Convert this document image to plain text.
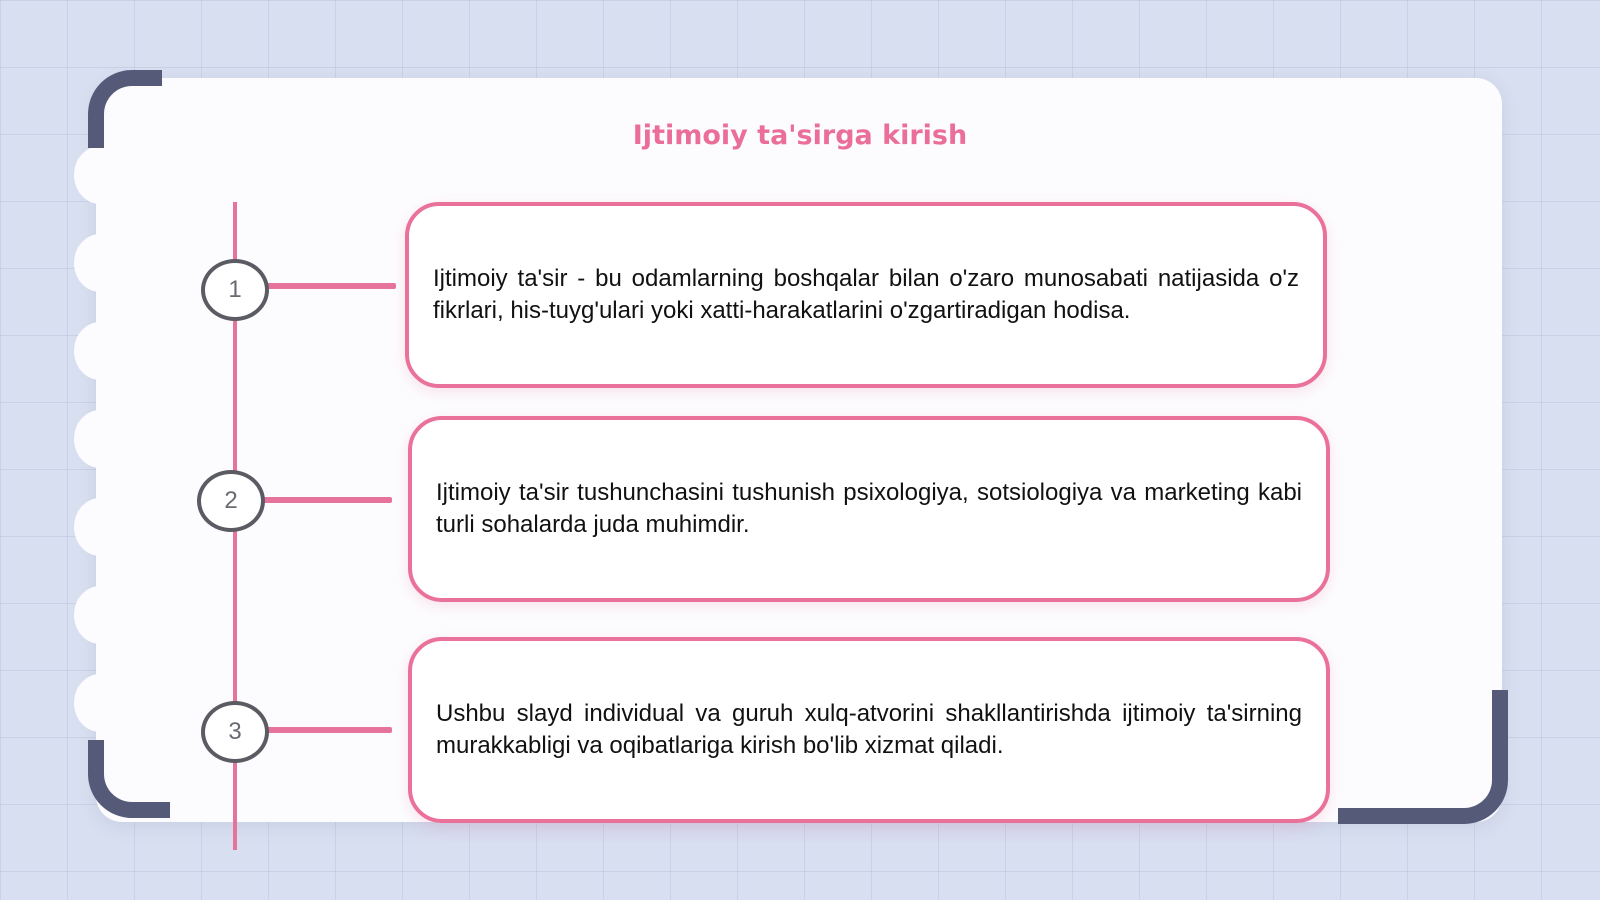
Ijtimoiy ta'sirga kirish
1
2
3

Ijtimoiy ta'sir - bu odamlarning boshqalar bilan o'zaro munosabati natijasida o'z fikrlari, his-tuyg'ulari yoki xatti-harakatlarini o'zgartiradigan hodisa.

Ijtimoiy ta'sir tushunchasini tushunish psixologiya, sotsiologiya va marketing kabi turli sohalarda juda muhimdir.

Ushbu slayd individual va guruh xulq-atvorini shakllantirishda ijtimoiy ta'sirning murakkabligi va oqibatlariga kirish bo'lib xizmat qiladi.
